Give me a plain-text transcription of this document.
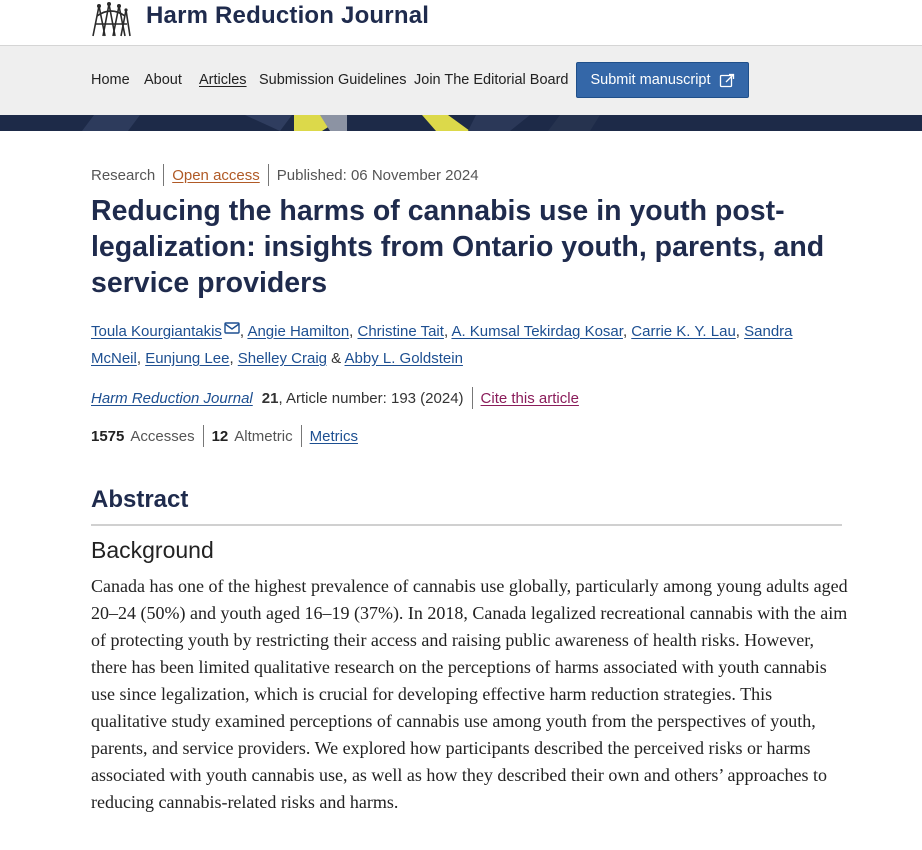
Harm Reduction Journal
Home About Articles Submission Guidelines Join The Editorial Board Submit manuscript
Research Open access Published: 06 November 2024
Reducing the harms of cannabis use in youth post-legalization: insights from Ontario youth, parents, and service providers
Toula Kourgiantakis , Angie Hamilton, Christine Tait, A. Kumsal Tekirdag Kosar, Carrie K. Y. Lau, Sandra McNeil, Eunjung Lee, Shelley Craig & Abby L. Goldstein
Harm Reduction Journal 21 , Article number: 193 (2024) Cite this article
1575 Accesses 12 Altmetric Metrics
Abstract
Background

Canada has one of the highest prevalence of cannabis use globally, particularly among young adults aged 20–24 (50%) and youth aged 16–19 (37%). In 2018, Canada legalized recreational cannabis with the aim of protecting youth by restricting their access and raising public awareness of health risks. However, there has been limited qualitative research on the perceptions of harms associated with youth cannabis use since legalization, which is crucial for developing effective harm reduction strategies. This qualitative study examined perceptions of cannabis use among youth from the perspectives of youth, parents, and service providers. We explored how participants described the perceived risks or harms associated with youth cannabis use, as well as how they described their own and others’ approaches to reducing cannabis-related risks and harms.
